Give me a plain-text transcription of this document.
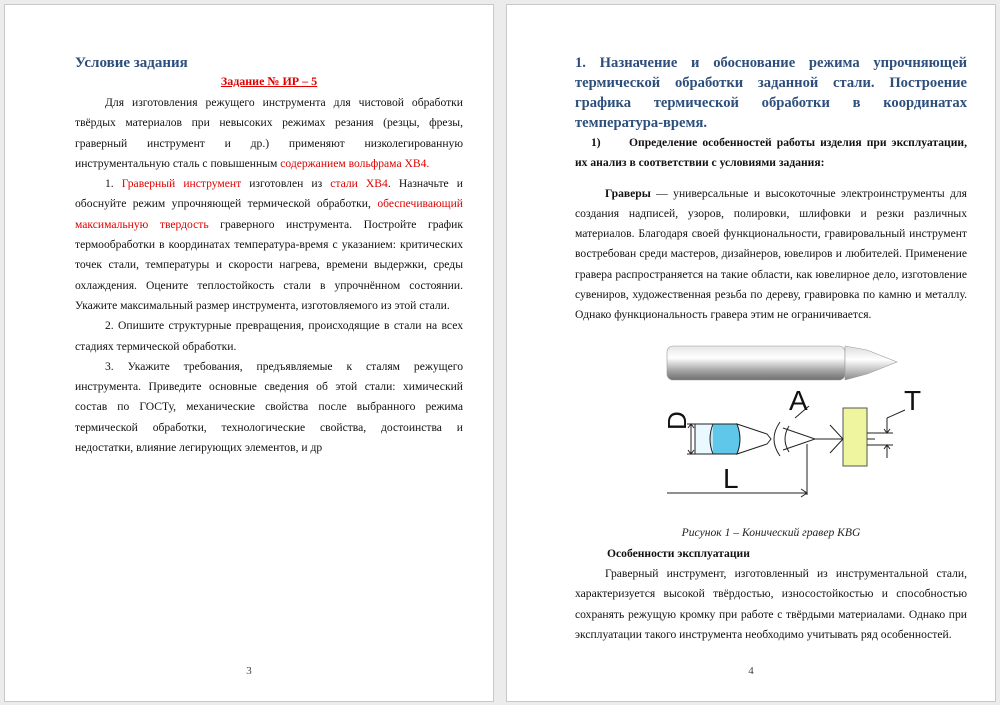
Условие задания
Задание № ИР – 5

Для изготовления режущего инструмента для чистовой обработки твёрдых материалов при невысоких режимах резания (резцы, фрезы, граверный инструмент и др.) применяют низколегированную инструментальную сталь с повышенным содержанием вольфрама ХВ4.

1. Граверный инструмент изготовлен из стали ХВ4. Назначьте и обоснуйте режим упрочняющей термической обработки, обеспечивающий максимальную твердость граверного инструмента. Постройте график термообработки в координатах температура-время с указанием: критических точек стали, температуры и скорости нагрева, времени выдержки, среды охлаждения. Оцените теплостойкость стали в упрочнённом состоянии. Укажите максимальный размер инструмента, изготовляемого из этой стали.

2. Опишите структурные превращения, происходящие в стали на всех стадиях термической обработки.

3. Укажите требования, предъявляемые к сталям режущего инструмента. Приведите основные сведения об этой стали: химический состав по ГОСТу, механические свойства после выбранного режима термической обработки, технологические свойства, достоинства и недостатки, влияние легирующих элементов, и др

3
1. Назначение и обоснование режима упрочняющей термической обработки заданной стали. Построение графика термической обработки в координатах температура-время.

1) Определение особенностей работы изделия при эксплуатации, их анализ в соответствии с условиями задания:

Граверы — универсальные и высокоточные электроинструменты для создания надписей, узоров, полировки, шлифовки и резки различных материалов. Благодаря своей функциональности, гравировальный инструмент востребован среди мастеров, дизайнеров, ювелиров и любителей. Применение гравера распространяется на такие области, как ювелирное дело, изготовление сувениров, художественная резьба по дереву, гравировка по камню и металлу. Однако функциональность гравера этим не ограничивается.

A	T
D
L

Рисунок 1 – Конический гравер KBG

Особенности эксплуатации

Граверный инструмент, изготовленный из инструментальной стали, характеризуется высокой твёрдостью, износостойкостью и способностью сохранять режущую кромку при работе с твёрдыми материалами. Однако при эксплуатации такого инструмента необходимо учитывать ряд особенностей.

4
